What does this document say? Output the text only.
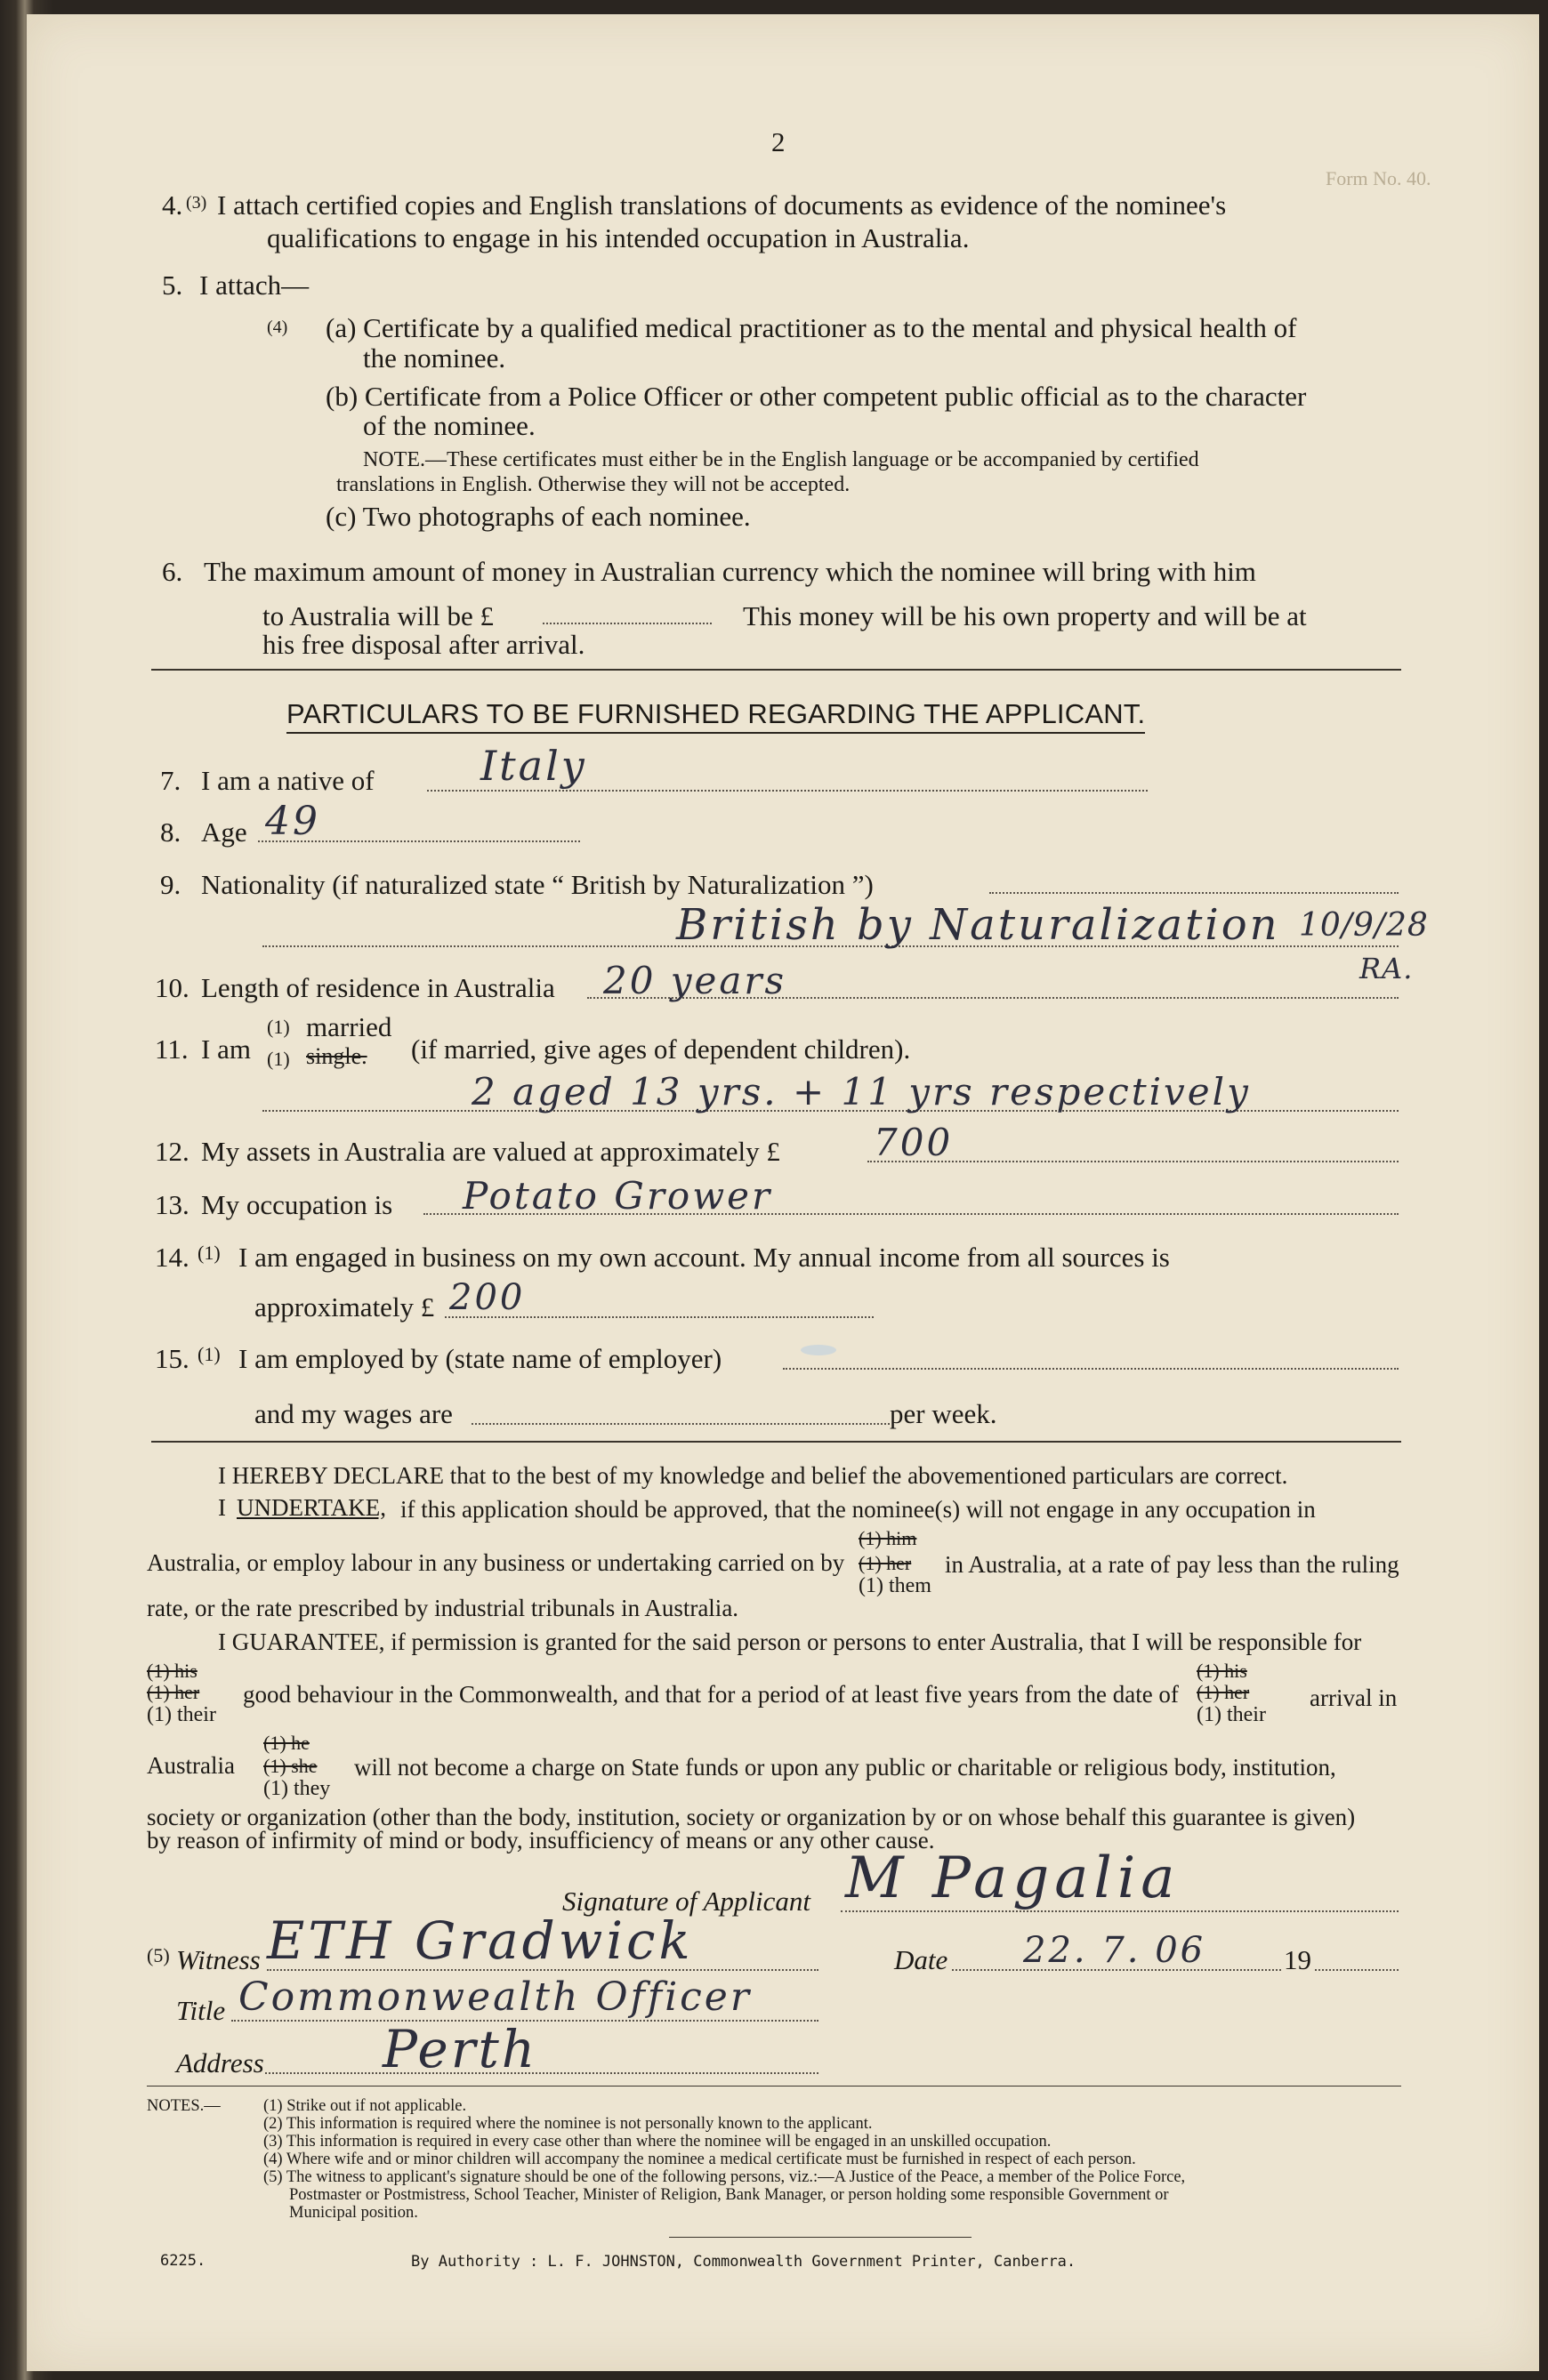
2
Form No. 40.
4. (3) I attach certified copies and English translations of documents as evidence of the nominee's
qualifications to engage in his intended occupation in Australia.
5. I attach—
(4) (a) Certificate by a qualified medical practitioner as to the mental and physical health of
the nominee.
(b) Certificate from a Police Officer or other competent public official as to the character
of the nominee.
NOTE.—These certificates must either be in the English language or be accompanied by certified
translations in English. Otherwise they will not be accepted.
(c) Two photographs of each nominee.
6. The maximum amount of money in Australian currency which the nominee will bring with him
to Australia will be £	This money will be his own property and will be at
his free disposal after arrival.
PARTICULARS TO BE FURNISHED REGARDING THE APPLICANT.
7. I am a native of	Italy
8. Age 49
9. Nationality (if naturalized state “ British by Naturalization ”)
British by Naturalization 10/9/28
RA.
10. Length of residence in Australia 20 years
11. I am
(1) married
(1) single. (if married, give ages of dependent children).
2 aged 13 yrs. + 11 yrs respectively
12. My assets in Australia are valued at approximately £	700
13. My occupation is Potato Grower
14. (1) I am engaged in business on my own account. My annual income from all sources is
approximately £ 200
15. (1) I am employed by (state name of employer)
and my wages are	per week.
I HEREBY DECLARE that to the best of my knowledge and belief the abovementioned particulars are correct.
I UNDERTAKE, if this application should be approved, that the nominee(s) will not engage in any occupation in
(1) him
Australia, or employ labour in any business or undertaking carried on by (1) her in Australia, at a rate of pay less than the ruling
(1) them
rate, or the rate prescribed by industrial tribunals in Australia.
I GUARANTEE, if permission is granted for the said person or persons to enter Australia, that I will be responsible for
(1) his
(1) her
(1) their
good behaviour in the Commonwealth, and that for a period of at least five years from the date of
(1) his
(1) her
(1) their
arrival in
(1) he
Australia (1) she will not become a charge on State funds or upon any public or charitable or religious body, institution,
(1) they
society or organization (other than the body, institution, society or organization by or on whose behalf this guarantee is given)
by reason of infirmity of mind or body, insufficiency of means or any other cause.
Signature of Applicant M Pagalia
(5) Witness ETH Gradwick	Date 22. 7. 06	19
Title Commonwealth Officer
Address Perth
NOTES.—	(1) Strike out if not applicable.
(2) This information is required where the nominee is not personally known to the applicant.
(3) This information is required in every case other than where the nominee will be engaged in an unskilled occupation.
(4) Where wife and or minor children will accompany the nominee a medical certificate must be furnished in respect of each person.
(5) The witness to applicant's signature should be one of the following persons, viz.:—A Justice of the Peace, a member of the Police Force,
Postmaster or Postmistress, School Teacher, Minister of Religion, Bank Manager, or person holding some responsible Government or
Municipal position.
6225.	By Authority : L. F. JOHNSTON, Commonwealth Government Printer, Canberra.
